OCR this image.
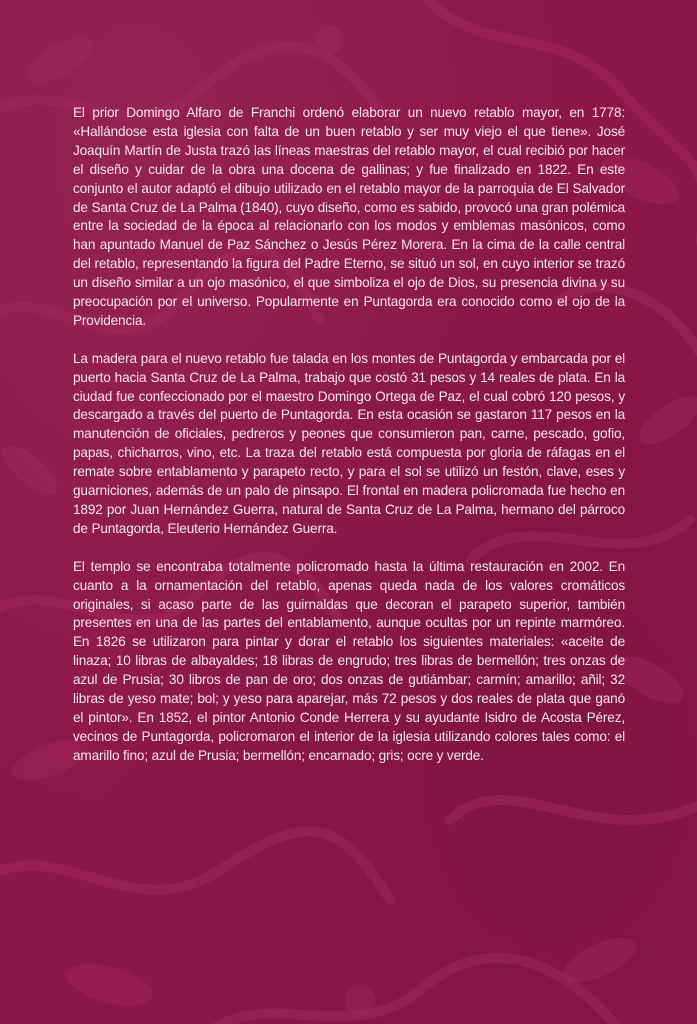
El prior Domingo Alfaro de Franchi ordenó elaborar un nuevo retablo mayor, en 1778: «Hallándose esta iglesia con falta de un buen retablo y ser muy viejo el que tiene». José Joaquín Martín de Justa trazó las líneas maestras del retablo mayor, el cual recibió por hacer el diseño y cuidar de la obra una docena de gallinas; y fue finalizado en 1822. En este conjunto el autor adaptó el dibujo utilizado en el retablo mayor de la parroquia de El Salvador de Santa Cruz de La Palma (1840), cuyo diseño, como es sabido, provocó una gran polémica entre la sociedad de la época al relacionarlo con los modos y emblemas masónicos, como han apuntado Manuel de Paz Sánchez o Jesús Pérez Morera. En la cima de la calle central del retablo, representando la figura del Padre Eterno, se situó un sol, en cuyo interior se trazó un diseño similar a un ojo masónico, el que simboliza el ojo de Dios, su presencia divina y su preocupación por el universo. Popularmente en Puntagorda era conocido como el ojo de la Providencia.

La madera para el nuevo retablo fue talada en los montes de Puntagorda y embarcada por el puerto hacia Santa Cruz de La Palma, trabajo que costó 31 pesos y 14 reales de plata. En la ciudad fue confeccionado por el maestro Domingo Ortega de Paz, el cual cobró 120 pesos, y descargado a través del puerto de Puntagorda. En esta ocasión se gastaron 117 pesos en la manutención de oficiales, pedreros y peones que consumieron pan, carne, pescado, gofio, papas, chicharros, vino, etc. La traza del retablo está compuesta por gloria de ráfagas en el remate sobre entablamento y parapeto recto, y para el sol se utilizó un festón, clave, eses y guarniciones, además de un palo de pinsapo. El frontal en madera policromada fue hecho en 1892 por Juan Hernández Guerra, natural de Santa Cruz de La Palma, hermano del párroco de Puntagorda, Eleuterio Hernández Guerra.

El templo se encontraba totalmente policromado hasta la última restauración en 2002. En cuanto a la ornamentación del retablo, apenas queda nada de los valores cromáticos originales, si acaso parte de las guirnaldas que decoran el parapeto superior, también presentes en una de las partes del entablamento, aunque ocultas por un repinte marmóreo. En 1826 se utilizaron para pintar y dorar el retablo los siguientes materiales: «aceite de linaza; 10 libras de albayaldes; 18 libras de engrudo; tres libras de bermellón; tres onzas de azul de Prusia; 30 libros de pan de oro; dos onzas de gutiámbar; carmín; amarillo; añil; 32 libras de yeso mate; bol; y yeso para aparejar, más 72 pesos y dos reales de plata que ganó el pintor». En 1852, el pintor Antonio Conde Herrera y su ayudante Isidro de Acosta Pérez, vecinos de Puntagorda, policromaron el interior de la iglesia utilizando colores tales como: el amarillo fino; azul de Prusia; bermellón; encarnado; gris; ocre y verde.
